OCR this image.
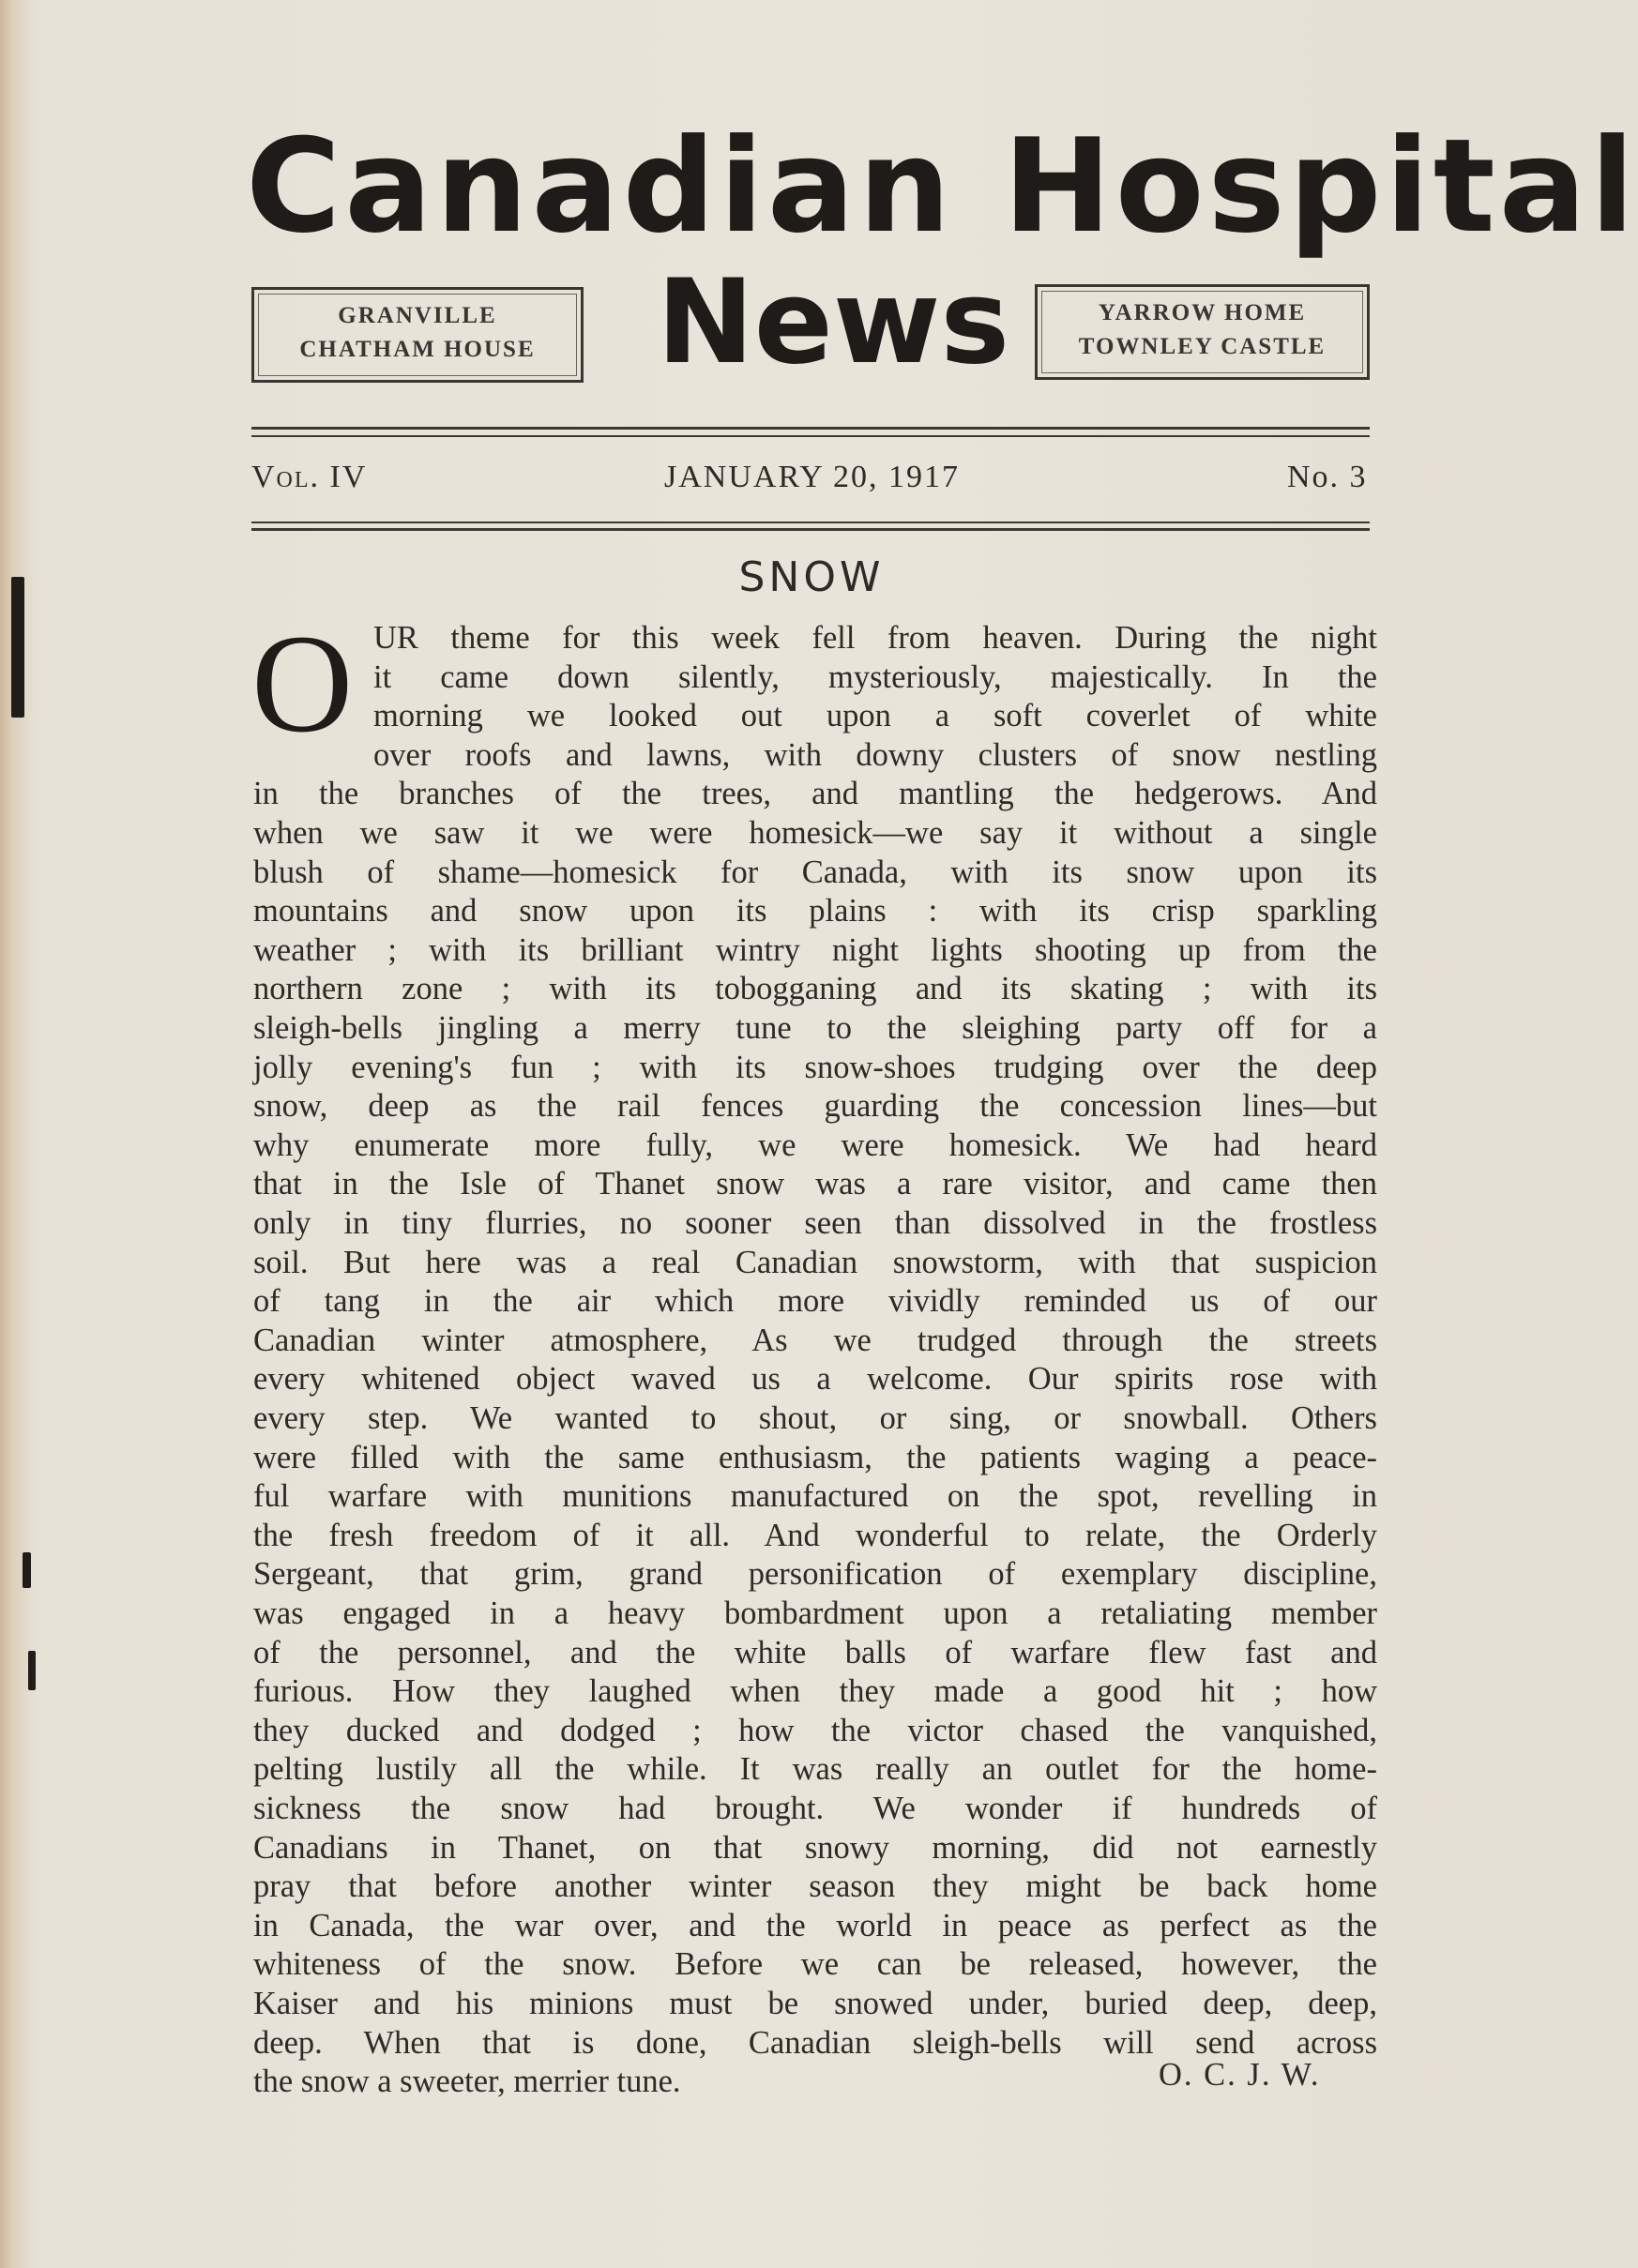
Canadian Hospital
GRANVILLE
CHATHAM HOUSE	News	YARROW HOME
TOWNLEY CASTLE
Vol. IV	JANUARY 20, 1917	No. 3
SNOW
O UR theme for this week fell from heaven. During the night
it came down silently, mysteriously, majestically. In the
morning we looked out upon a soft coverlet of white
over roofs and lawns, with downy clusters of snow nestling
in the branches of the trees, and mantling the hedgerows. And
when we saw it we were homesick—we say it without a single
blush of shame—homesick for Canada, with its snow upon its
mountains and snow upon its plains : with its crisp sparkling
weather ; with its brilliant wintry night lights shooting up from the
northern zone ; with its tobogganing and its skating ; with its
sleigh-bells jingling a merry tune to the sleighing party off for a
jolly evening's fun ; with its snow-shoes trudging over the deep
snow, deep as the rail fences guarding the concession lines—but
why enumerate more fully, we were homesick. We had heard
that in the Isle of Thanet snow was a rare visitor, and came then
only in tiny flurries, no sooner seen than dissolved in the frostless
soil. But here was a real Canadian snowstorm, with that suspicion
of tang in the air which more vividly reminded us of our
Canadian winter atmosphere, As we trudged through the streets
every whitened object waved us a welcome. Our spirits rose with
every step. We wanted to shout, or sing, or snowball. Others
were filled with the same enthusiasm, the patients waging a peace-
ful warfare with munitions manufactured on the spot, revelling in
the fresh freedom of it all. And wonderful to relate, the Orderly
Sergeant, that grim, grand personification of exemplary discipline,
was engaged in a heavy bombardment upon a retaliating member
of the personnel, and the white balls of warfare flew fast and
furious. How they laughed when they made a good hit ; how
they ducked and dodged ; how the victor chased the vanquished,
pelting lustily all the while. It was really an outlet for the home-
sickness the snow had brought. We wonder if hundreds of
Canadians in Thanet, on that snowy morning, did not earnestly
pray that before another winter season they might be back home
in Canada, the war over, and the world in peace as perfect as the
whiteness of the snow. Before we can be released, however, the
Kaiser and his minions must be snowed under, buried deep, deep,
deep. When that is done, Canadian sleigh-bells will send across
the snow a sweeter, merrier tune.	O. C. J. W.
